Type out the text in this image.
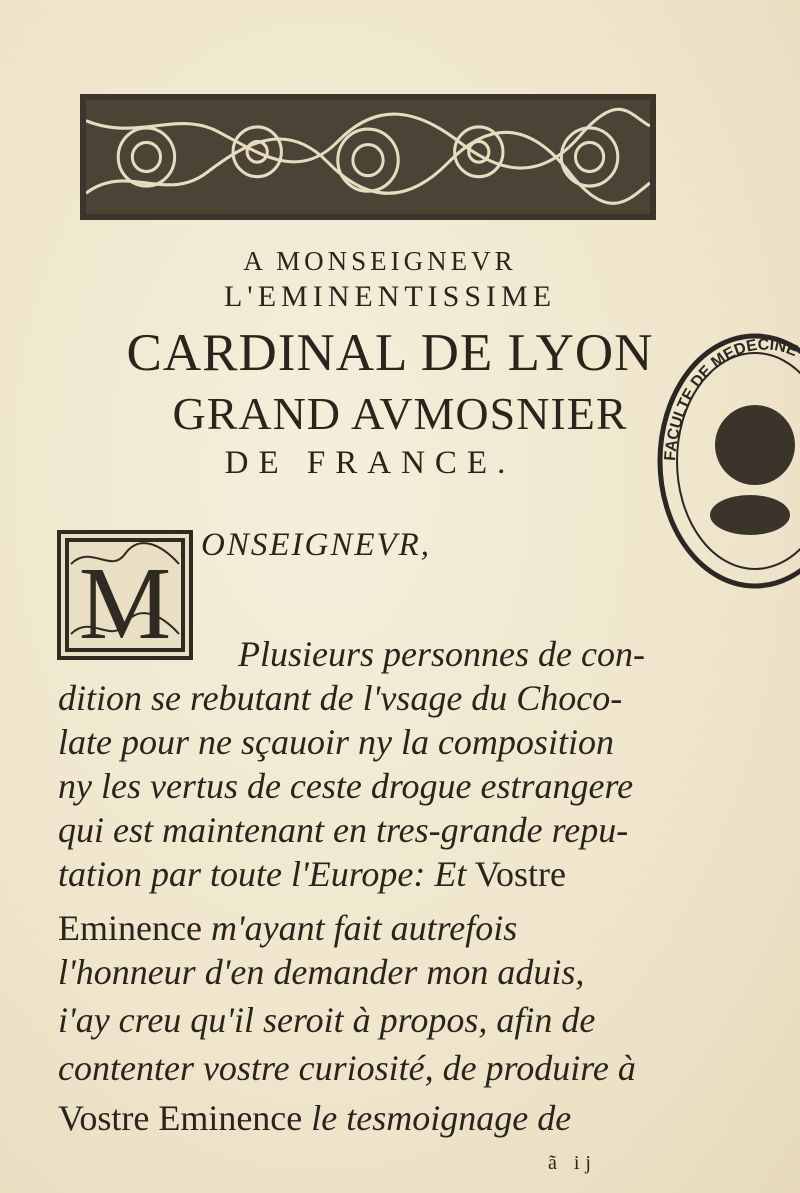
A MONSEIGNEVR
L'EMINENTISSIME
CARDINAL DE LYON
GRAND AVMOSNIER
DE FRANCE.
M
ONSEIGNEVR,
Plusieurs personnes de con-
dition se rebutant de l'vsage du Choco-
late pour ne sçauoir ny la composition
ny les vertus de ceste drogue estrangere
qui est maintenant en tres-grande repu-
tation par toute l'Europe: Et Vostre
Eminence m'ayant fait autrefois
l'honneur d'en demander mon aduis,
i'ay creu qu'il seroit à propos, afin de
contenter vostre curiosité, de produire à
Vostre Eminence le tesmoignage de
ã ij
FACULTE DE MEDECINE
